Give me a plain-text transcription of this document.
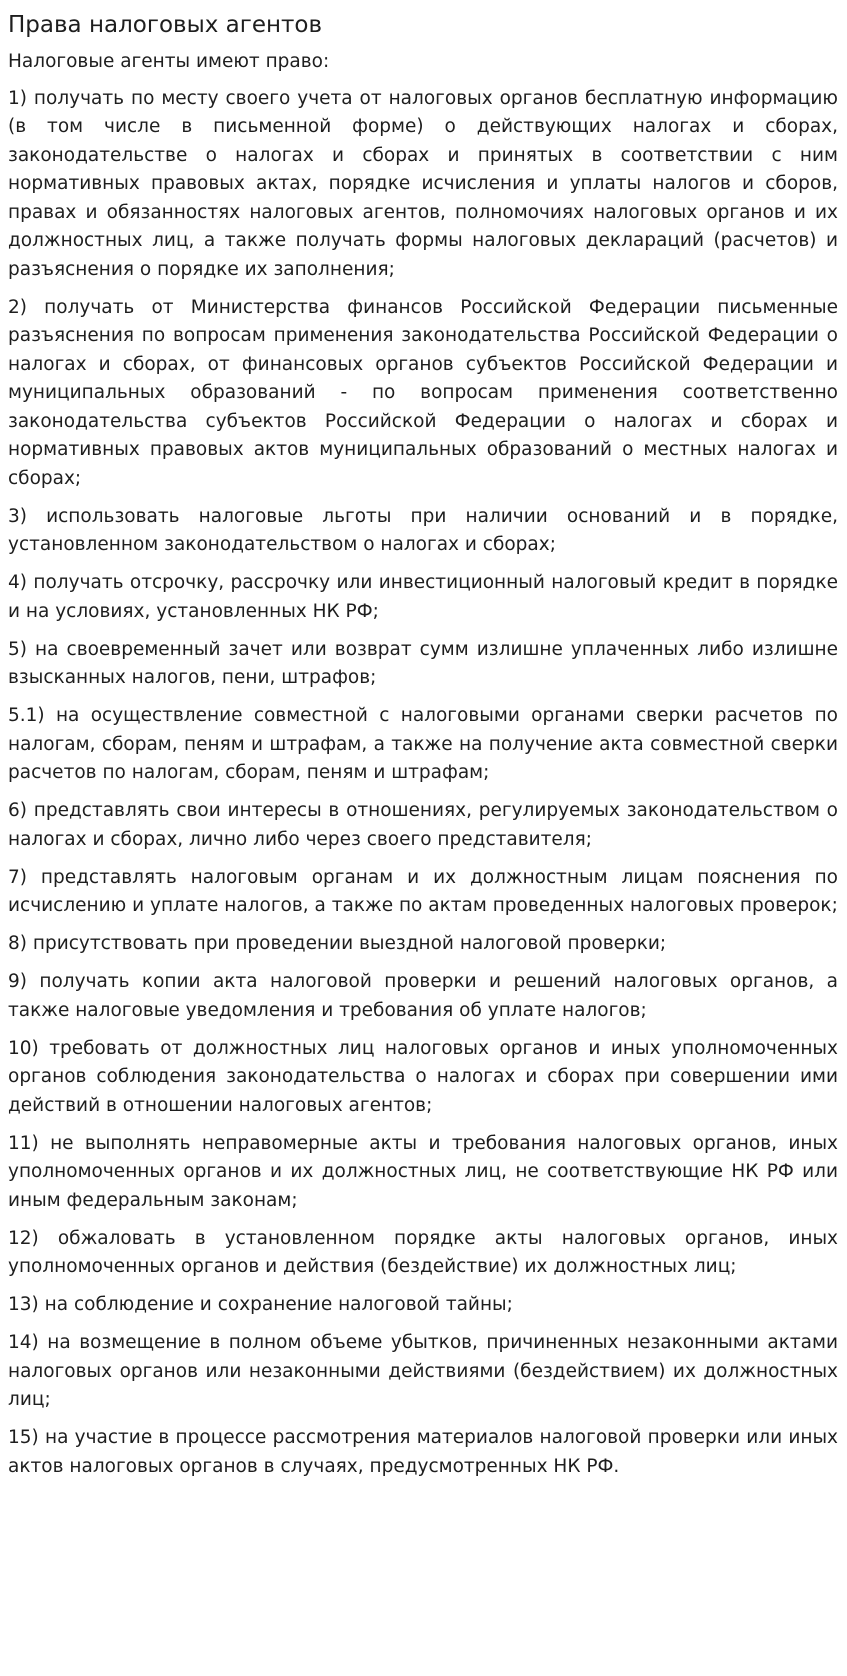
Права налоговых агентов

Налоговые агенты имеют право:

1) получать по месту своего учета от налоговых органов бесплатную информацию (в том числе в письменной форме) о действующих налогах и сборах, законодательстве о налогах и сборах и принятых в соответствии с ним нормативных правовых актах, порядке исчисления и уплаты налогов и сборов, правах и обязанностях налоговых агентов, полномочиях налоговых органов и их должностных лиц, а также получать формы налоговых деклараций (расчетов) и разъяснения о порядке их заполнения;

2) получать от Министерства финансов Российской Федерации письменные разъяснения по вопросам применения законодательства Российской Федерации о налогах и сборах, от финансовых органов субъектов Российской Федерации и муниципальных образований - по вопросам применения соответственно законодательства субъектов Российской Федерации о налогах и сборах и нормативных правовых актов муниципальных образований о местных налогах и сборах;

3) использовать налоговые льготы при наличии оснований и в порядке, установленном законодательством о налогах и сборах;

4) получать отсрочку, рассрочку или инвестиционный налоговый кредит в порядке и на условиях, установленных НК РФ;

5) на своевременный зачет или возврат сумм излишне уплаченных либо излишне взысканных налогов, пени, штрафов;

5.1) на осуществление совместной с налоговыми органами сверки расчетов по налогам, сборам, пеням и штрафам, а также на получение акта совместной сверки расчетов по налогам, сборам, пеням и штрафам;

6) представлять свои интересы в отношениях, регулируемых законодательством о налогах и сборах, лично либо через своего представителя;

7) представлять налоговым органам и их должностным лицам пояснения по исчислению и уплате налогов, а также по актам проведенных налоговых проверок;

8) присутствовать при проведении выездной налоговой проверки;

9) получать копии акта налоговой проверки и решений налоговых органов, а также налоговые уведомления и требования об уплате налогов;

10) требовать от должностных лиц налоговых органов и иных уполномоченных органов соблюдения законодательства о налогах и сборах при совершении ими действий в отношении налоговых агентов;

11) не выполнять неправомерные акты и требования налоговых органов, иных уполномоченных органов и их должностных лиц, не соответствующие НК РФ или иным федеральным законам;

12) обжаловать в установленном порядке акты налоговых органов, иных уполномоченных органов и действия (бездействие) их должностных лиц;

13) на соблюдение и сохранение налоговой тайны;

14) на возмещение в полном объеме убытков, причиненных незаконными актами налоговых органов или незаконными действиями (бездействием) их должностных лиц;

15) на участие в процессе рассмотрения материалов налоговой проверки или иных актов налоговых органов в случаях, предусмотренных НК РФ.
